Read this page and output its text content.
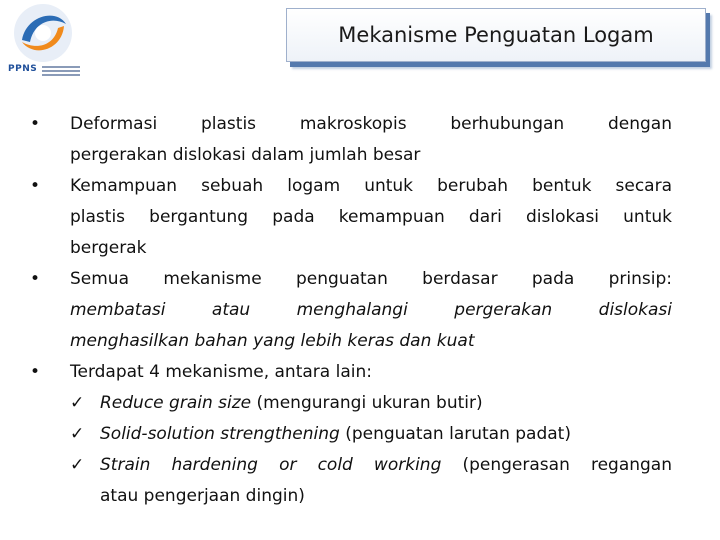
PPNS
Mekanisme Penguatan Logam
•	Deformasi plastis makroskopis berhubungan dengan
pergerakan dislokasi dalam jumlah besar
•	Kemampuan sebuah logam untuk berubah bentuk secara
plastis bergantung pada kemampuan dari dislokasi untuk
bergerak
•	Semua mekanisme penguatan berdasar pada prinsip:
membatasi atau menghalangi pergerakan dislokasi
menghasilkan bahan yang lebih keras dan kuat
•	Terdapat 4 mekanisme, antara lain:
✓ Reduce grain size (mengurangi ukuran butir)
✓ Solid-solution strengthening (penguatan larutan padat)
✓ Strain hardening or cold working (pengerasan regangan
atau pengerjaan dingin)
